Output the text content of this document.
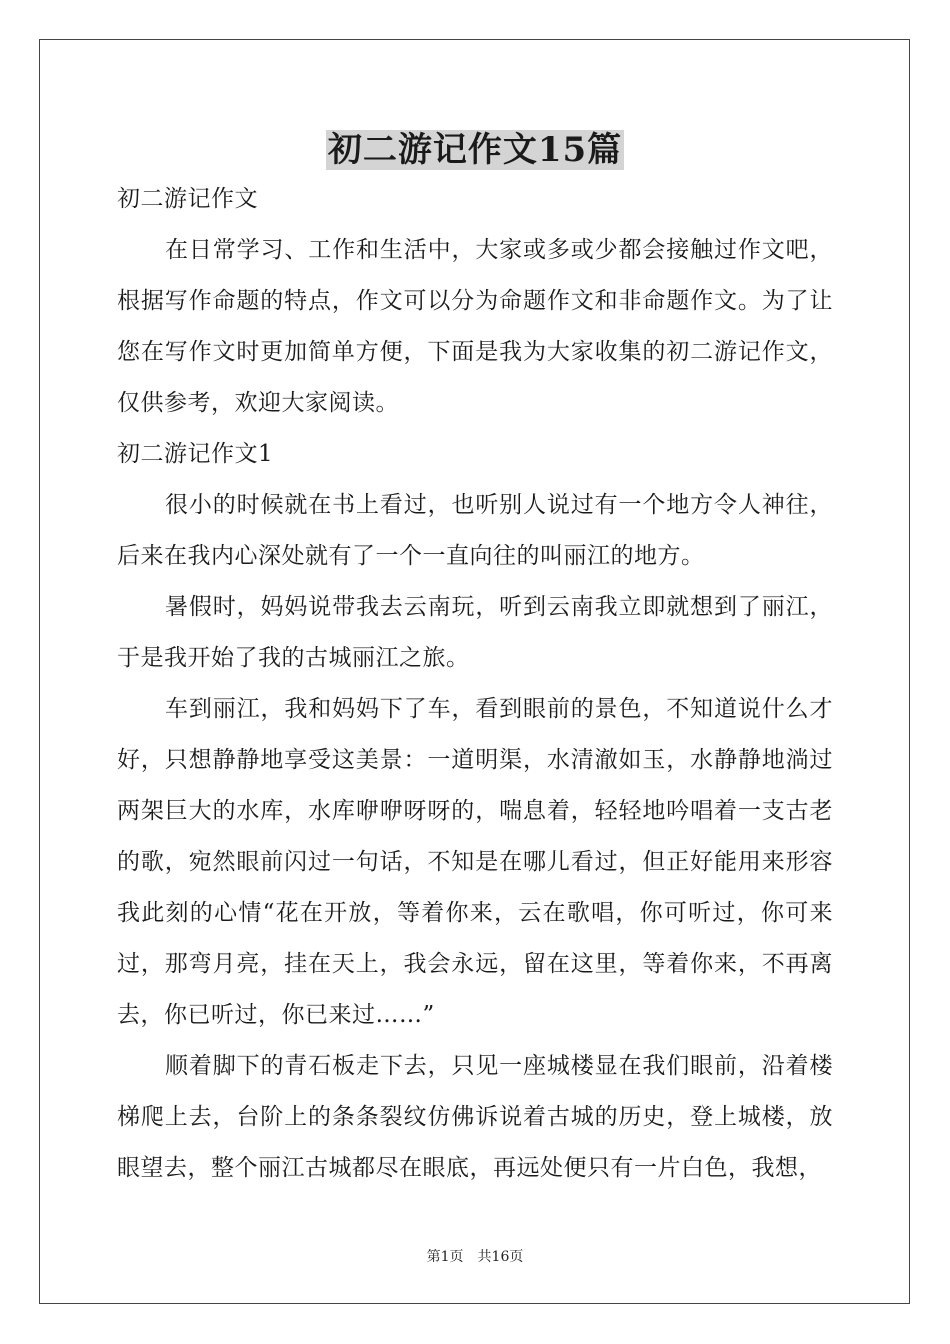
初二游记作文15篇

初二游记作文

在日常学习、工作和生活中，大家或多或少都会接触过作文吧，根据写作命题的特点，作文可以分为命题作文和非命题作文。为了让您在写作文时更加简单方便，下面是我为大家收集的初二游记作文，仅供参考，欢迎大家阅读。

初二游记作文1

很小的时候就在书上看过，也听别人说过有一个地方令人神往，后来在我内心深处就有了一个一直向往的叫丽江的地方。

暑假时，妈妈说带我去云南玩，听到云南我立即就想到了丽江，于是我开始了我的古城丽江之旅。

车到丽江，我和妈妈下了车，看到眼前的景色，不知道说什么才好，只想静静地享受这美景：一道明渠，水清澈如玉，水静静地淌过两架巨大的水库，水库咿咿呀呀的，喘息着，轻轻地吟唱着一支古老的歌，宛然眼前闪过一句话，不知是在哪儿看过，但正好能用来形容我此刻的心情“花在开放，等着你来，云在歌唱，你可听过，你可来过，那弯月亮，挂在天上，我会永远，留在这里，等着你来，不再离去，你已听过，你已来过……”

顺着脚下的青石板走下去，只见一座城楼显在我们眼前，沿着楼梯爬上去，台阶上的条条裂纹仿佛诉说着古城的历史，登上城楼，放眼望去，整个丽江古城都尽在眼底，再远处便只有一片白色，我想，

第1页 共16页
